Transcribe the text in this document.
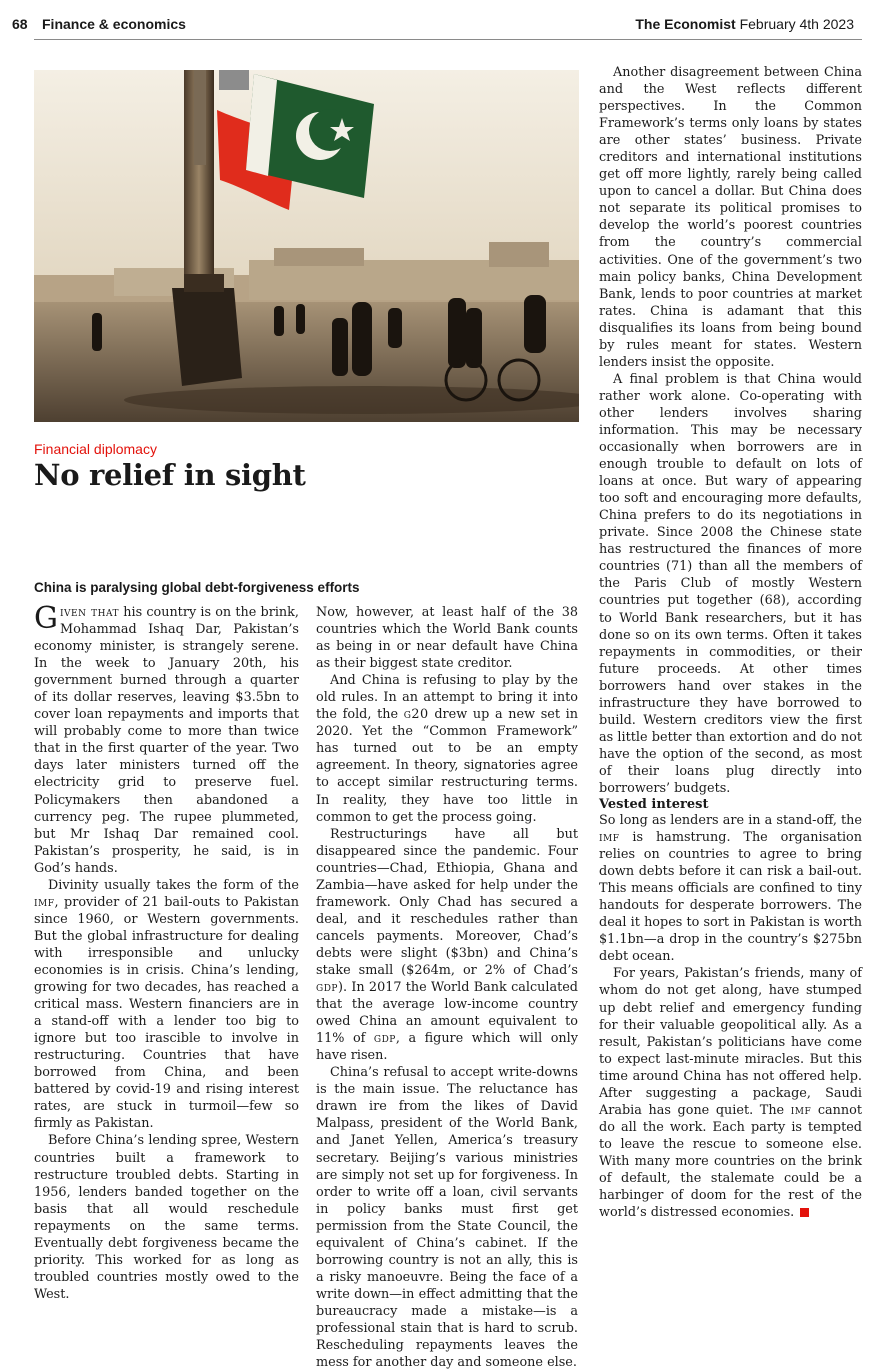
68 Finance & economics	The Economist February 4th 2023
Financial diplomacy
No relief in sight
China is paralysing global debt-forgiveness efforts

Given that his country is on the brink, Mohammad Ishaq Dar, Pakistan’s economy minister, is strangely serene. In the week to January 20th, his government burned through a quarter of its dollar reserves, leaving $3.5bn to cover loan repayments and imports that will probably come to more than twice that in the first quarter of the year. Two days later ministers turned off the electricity grid to preserve fuel. Policymakers then abandoned a currency peg. The rupee plummeted, but Mr Ishaq Dar remained cool. Pakistan’s prosperity, he said, is in God’s hands.

Divinity usually takes the form of the imf, provider of 21 bail-outs to Pakistan since 1960, or Western governments. But the global infrastructure for dealing with irresponsible and unlucky economies is in crisis. China’s lending, growing for two decades, has reached a critical mass. Western financiers are in a stand-off with a lender too big to ignore but too irascible to involve in restructuring. Countries that have borrowed from China, and been battered by covid-19 and rising interest rates, are stuck in turmoil—few so firmly as Pakistan.

Before China’s lending spree, Western countries built a framework to restructure troubled debts. Starting in 1956, lenders banded together on the basis that all would reschedule repayments on the same terms. Eventually debt forgiveness became the priority. This worked for as long as troubled countries mostly owed to the West.

Now, however, at least half of the 38 countries which the World Bank counts as being in or near default have China as their biggest state creditor.

And China is refusing to play by the old rules. In an attempt to bring it into the fold, the g20 drew up a new set in 2020. Yet the “Common Framework” has turned out to be an empty agreement. In theory, signatories agree to accept similar restructuring terms. In reality, they have too little in common to get the process going.

Restructurings have all but disappeared since the pandemic. Four countries—Chad, Ethiopia, Ghana and Zambia—have asked for help under the framework. Only Chad has secured a deal, and it reschedules rather than cancels payments. Moreover, Chad’s debts were slight ($3bn) and China’s stake small ($264m, or 2% of Chad’s gdp). In 2017 the World Bank calculated that the average low-income country owed China an amount equivalent to 11% of gdp, a figure which will only have risen.

China’s refusal to accept write-downs is the main issue. The reluctance has drawn ire from the likes of David Malpass, president of the World Bank, and Janet Yellen, America’s treasury secretary. Beijing’s various ministries are simply not set up for forgiveness. In order to write off a loan, civil servants in policy banks must first get permission from the State Council, the equivalent of China’s cabinet. If the borrowing country is not an ally, this is a risky manoeuvre. Being the face of a write down—in effect admitting that the bureaucracy made a mistake—is a professional stain that is hard to scrub. Rescheduling repayments leaves the mess for another day and someone else.

Another disagreement between China and the West reflects different perspectives. In the Common Framework’s terms only loans by states are other states’ business. Private creditors and international institutions get off more lightly, rarely being called upon to cancel a dollar. But China does not separate its political promises to develop the world’s poorest countries from the country’s commercial activities. One of the government’s two main policy banks, China Development Bank, lends to poor countries at market rates. China is adamant that this disqualifies its loans from being bound by rules meant for states. Western lenders insist the opposite.

A final problem is that China would rather work alone. Co-operating with other lenders involves sharing information. This may be necessary occasionally when borrowers are in enough trouble to default on lots of loans at once. But wary of appearing too soft and encouraging more defaults, China prefers to do its negotiations in private. Since 2008 the Chinese state has restructured the finances of more countries (71) than all the members of the Paris Club of mostly Western countries put together (68), according to World Bank researchers, but it has done so on its own terms. Often it takes repayments in commodities, or their future proceeds. At other times borrowers hand over stakes in the infrastructure they have borrowed to build. Western creditors view the first as little better than extortion and do not have the option of the second, as most of their loans plug directly into borrowers’ budgets.

Vested interest

So long as lenders are in a stand-off, the imf is hamstrung. The organisation relies on countries to agree to bring down debts before it can risk a bail-out. This means officials are confined to tiny handouts for desperate borrowers. The deal it hopes to sort in Pakistan is worth $1.1bn—a drop in the country’s $275bn debt ocean.

For years, Pakistan’s friends, many of whom do not get along, have stumped up debt relief and emergency funding for their valuable geopolitical ally. As a result, Pakistan’s politicians have come to expect last-minute miracles. But this time around China has not offered help. After suggesting a package, Saudi Arabia has gone quiet. The imf cannot do all the work. Each party is tempted to leave the rescue to someone else. With many more countries on the brink of default, the stalemate could be a harbinger of doom for the rest of the world’s distressed economies.
